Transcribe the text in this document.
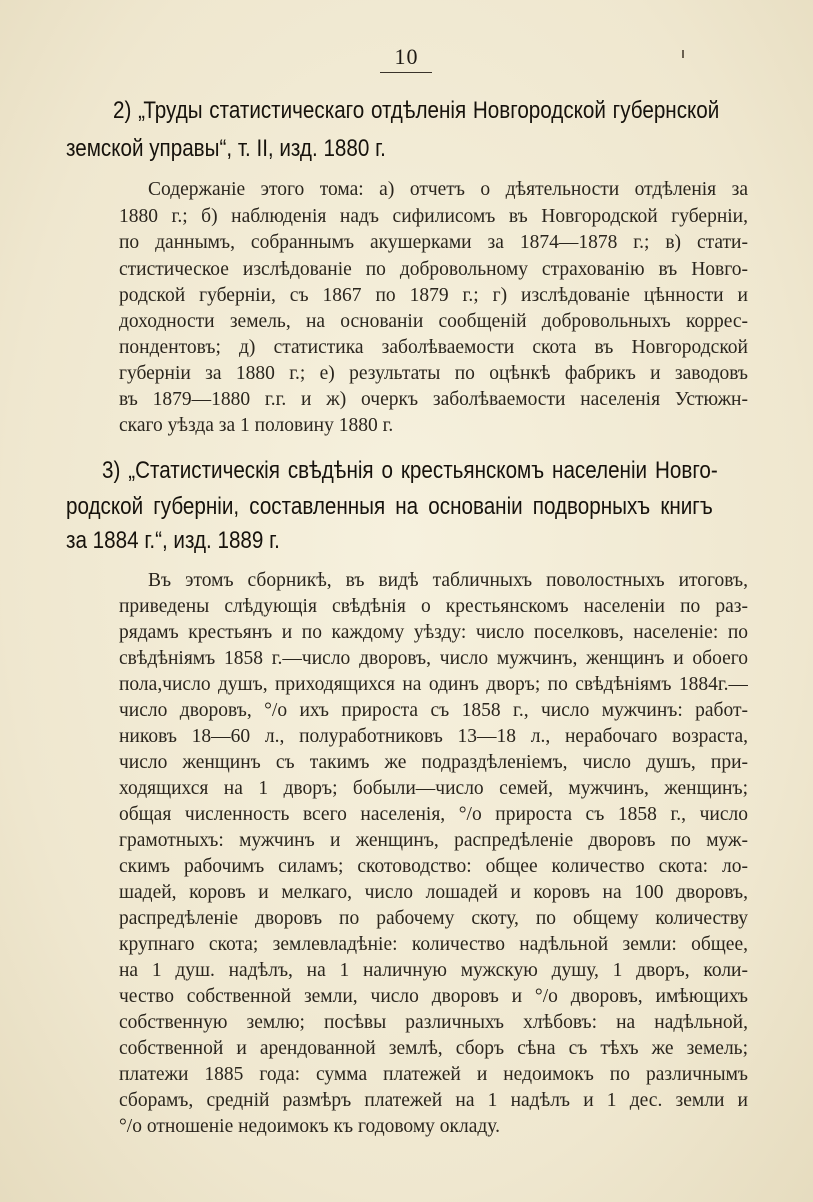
10
2) „Труды статистическаго отдѣленія Новгородской губернской
земской управы“, т. II, изд. 1880 г.
Содержаніе этого тома: а) отчетъ о дѣятельности отдѣленія за
1880 г.; б) наблюденія надъ сифилисомъ въ Новгородской губерніи,
по даннымъ, собраннымъ акушерками за 1874—1878 г.; в) стати-
стистическое изслѣдованіе по добровольному страхованію въ Новго-
родской губерніи, съ 1867 по 1879 г.; г) изслѣдованіе цѣнности и
доходности земель, на основаніи сообщеній добровольныхъ коррес-
пондентовъ; д) статистика заболѣваемости скота въ Новгородской
губерніи за 1880 г.; е) результаты по оцѣнкѣ фабрикъ и заводовъ
въ 1879—1880 г.г. и ж) очеркъ заболѣваемости населенія Устюжн-
скаго уѣзда за 1 половину 1880 г.
3) „Статистическія свѣдѣнія о крестьянскомъ населеніи Новго-
родской губерніи, составленныя на основаніи подворныхъ книгъ
за 1884 г.“, изд. 1889 г.
Въ этомъ сборникѣ, въ видѣ табличныхъ поволостныхъ итоговъ,
приведены слѣдующія свѣдѣнія о крестьянскомъ населеніи по раз-
рядамъ крестьянъ и по каждому уѣзду: число поселковъ, населеніе: по
свѣдѣніямъ 1858 г.—число дворовъ, число мужчинъ, женщинъ и обоего
пола,число душъ, приходящихся на одинъ дворъ; по свѣдѣніямъ 1884г.—
число дворовъ, °/o ихъ прироста съ 1858 г., число мужчинъ: работ-
никовъ 18—60 л., полуработниковъ 13—18 л., нерабочаго возраста,
число женщинъ съ такимъ же подраздѣленіемъ, число душъ, при-
ходящихся на 1 дворъ; бобыли—число семей, мужчинъ, женщинъ;
общая численность всего населенія, °/o прироста съ 1858 г., число
грамотныхъ: мужчинъ и женщинъ, распредѣленіе дворовъ по муж-
скимъ рабочимъ силамъ; скотоводство: общее количество скота: ло-
шадей, коровъ и мелкаго, число лошадей и коровъ на 100 дворовъ,
распредѣленіе дворовъ по рабочему скоту, по общему количеству
крупнаго скота; землевладѣніе: количество надѣльной земли: общее,
на 1 душ. надѣлъ, на 1 наличную мужскую душу, 1 дворъ, коли-
чество собственной земли, число дворовъ и °/o дворовъ, имѣющихъ
собственную землю; посѣвы различныхъ хлѣбовъ: на надѣльной,
собственной и арендованной землѣ, сборъ сѣна съ тѣхъ же земель;
платежи 1885 года: сумма платежей и недоимокъ по различнымъ
сборамъ, средній размѣръ платежей на 1 надѣлъ и 1 дес. земли и
°/o отношеніе недоимокъ къ годовому окладу.
